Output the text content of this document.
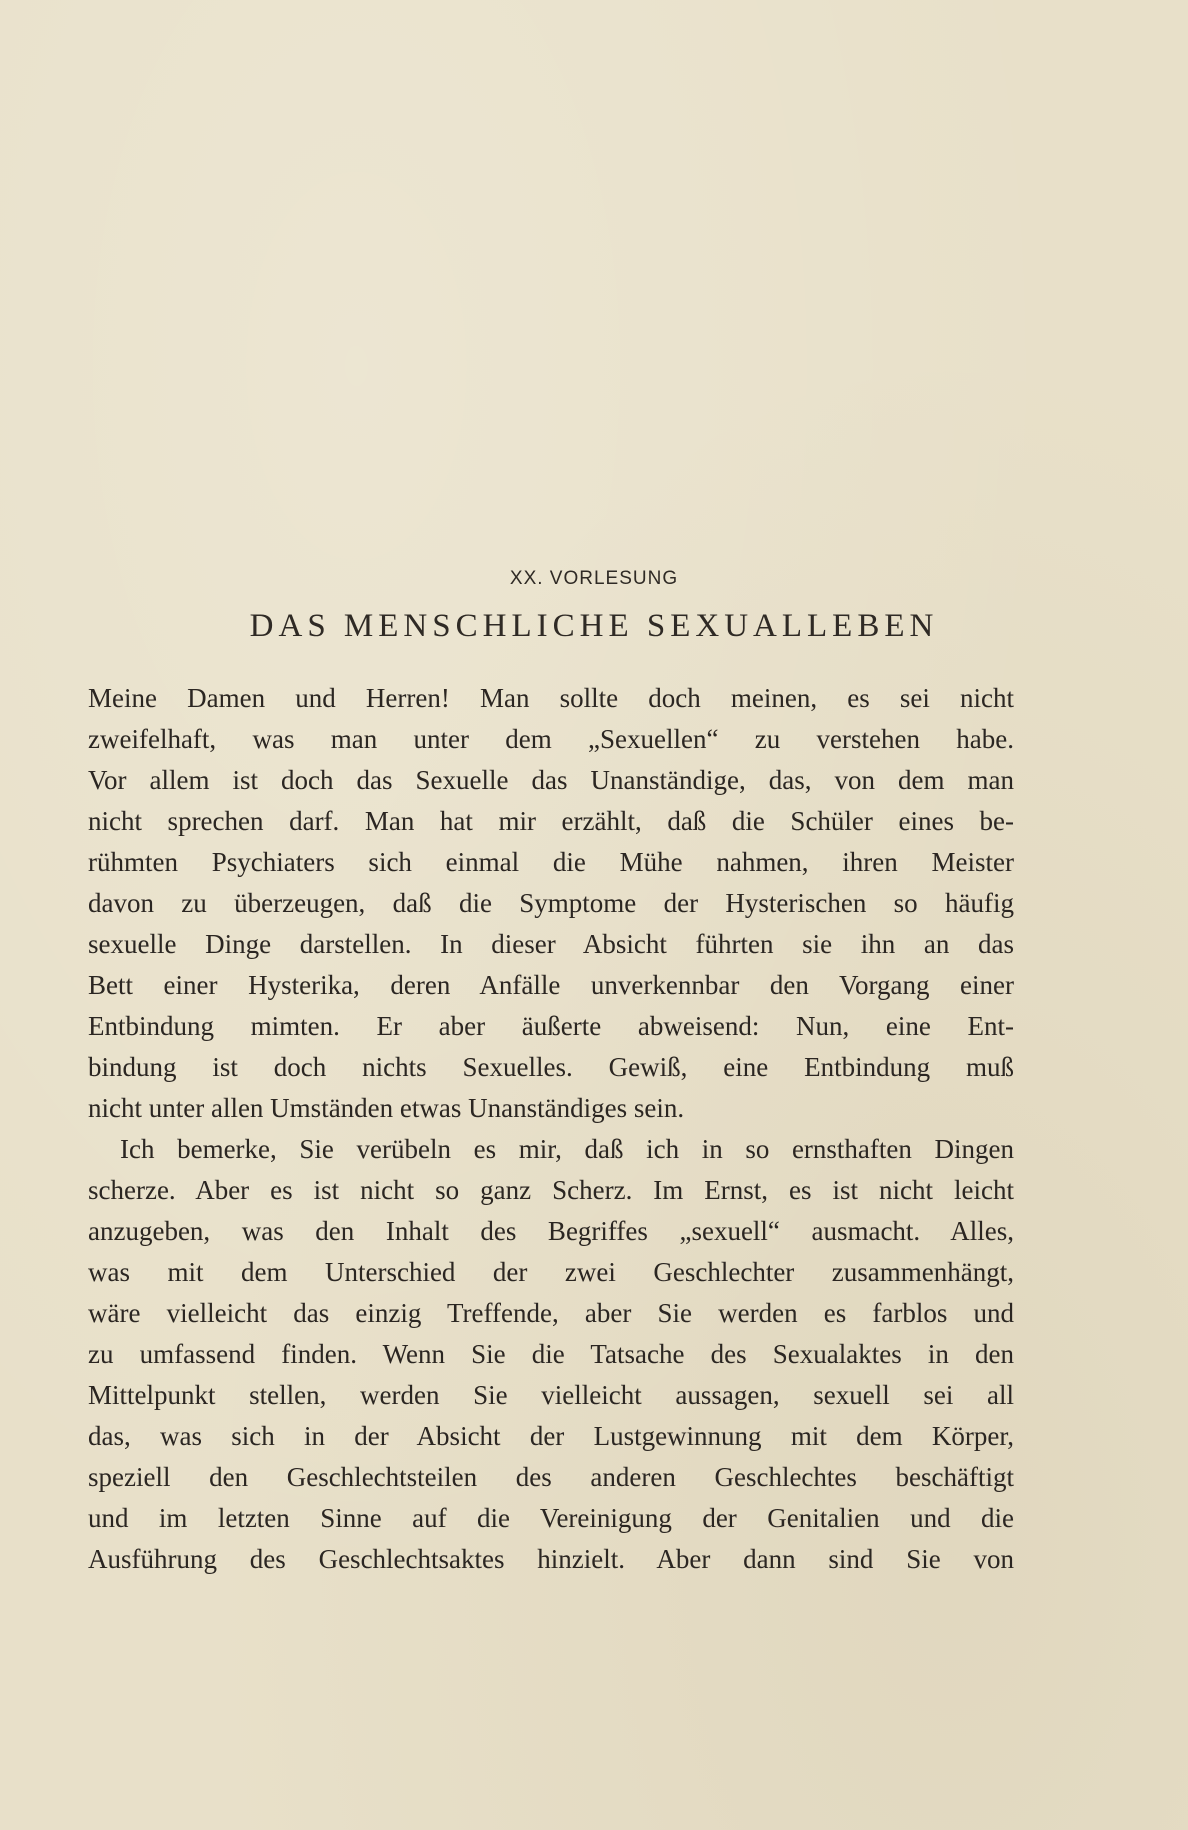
XX. VORLESUNG
DAS MENSCHLICHE SEXUALLEBEN
Meine Damen und Herren! Man sollte doch meinen, es sei nicht
zweifelhaft, was man unter dem „Sexuellen“ zu verstehen habe.
Vor allem ist doch das Sexuelle das Unanständige, das, von dem man
nicht sprechen darf. Man hat mir erzählt, daß die Schüler eines be-
rühmten Psychiaters sich einmal die Mühe nahmen, ihren Meister
davon zu überzeugen, daß die Symptome der Hysterischen so häufig
sexuelle Dinge darstellen. In dieser Absicht führten sie ihn an das
Bett einer Hysterika, deren Anfälle unverkennbar den Vorgang einer
Entbindung mimten. Er aber äußerte abweisend: Nun, eine Ent-
bindung ist doch nichts Sexuelles. Gewiß, eine Entbindung muß
nicht unter allen Umständen etwas Unanständiges sein.
Ich bemerke, Sie verübeln es mir, daß ich in so ernsthaften Dingen
scherze. Aber es ist nicht so ganz Scherz. Im Ernst, es ist nicht leicht
anzugeben, was den Inhalt des Begriffes „sexuell“ ausmacht. Alles,
was mit dem Unterschied der zwei Geschlechter zusammenhängt,
wäre vielleicht das einzig Treffende, aber Sie werden es farblos und
zu umfassend finden. Wenn Sie die Tatsache des Sexualaktes in den
Mittelpunkt stellen, werden Sie vielleicht aussagen, sexuell sei all
das, was sich in der Absicht der Lustgewinnung mit dem Körper,
speziell den Geschlechtsteilen des anderen Geschlechtes beschäftigt
und im letzten Sinne auf die Vereinigung der Genitalien und die
Ausführung des Geschlechtsaktes hinzielt. Aber dann sind Sie von
